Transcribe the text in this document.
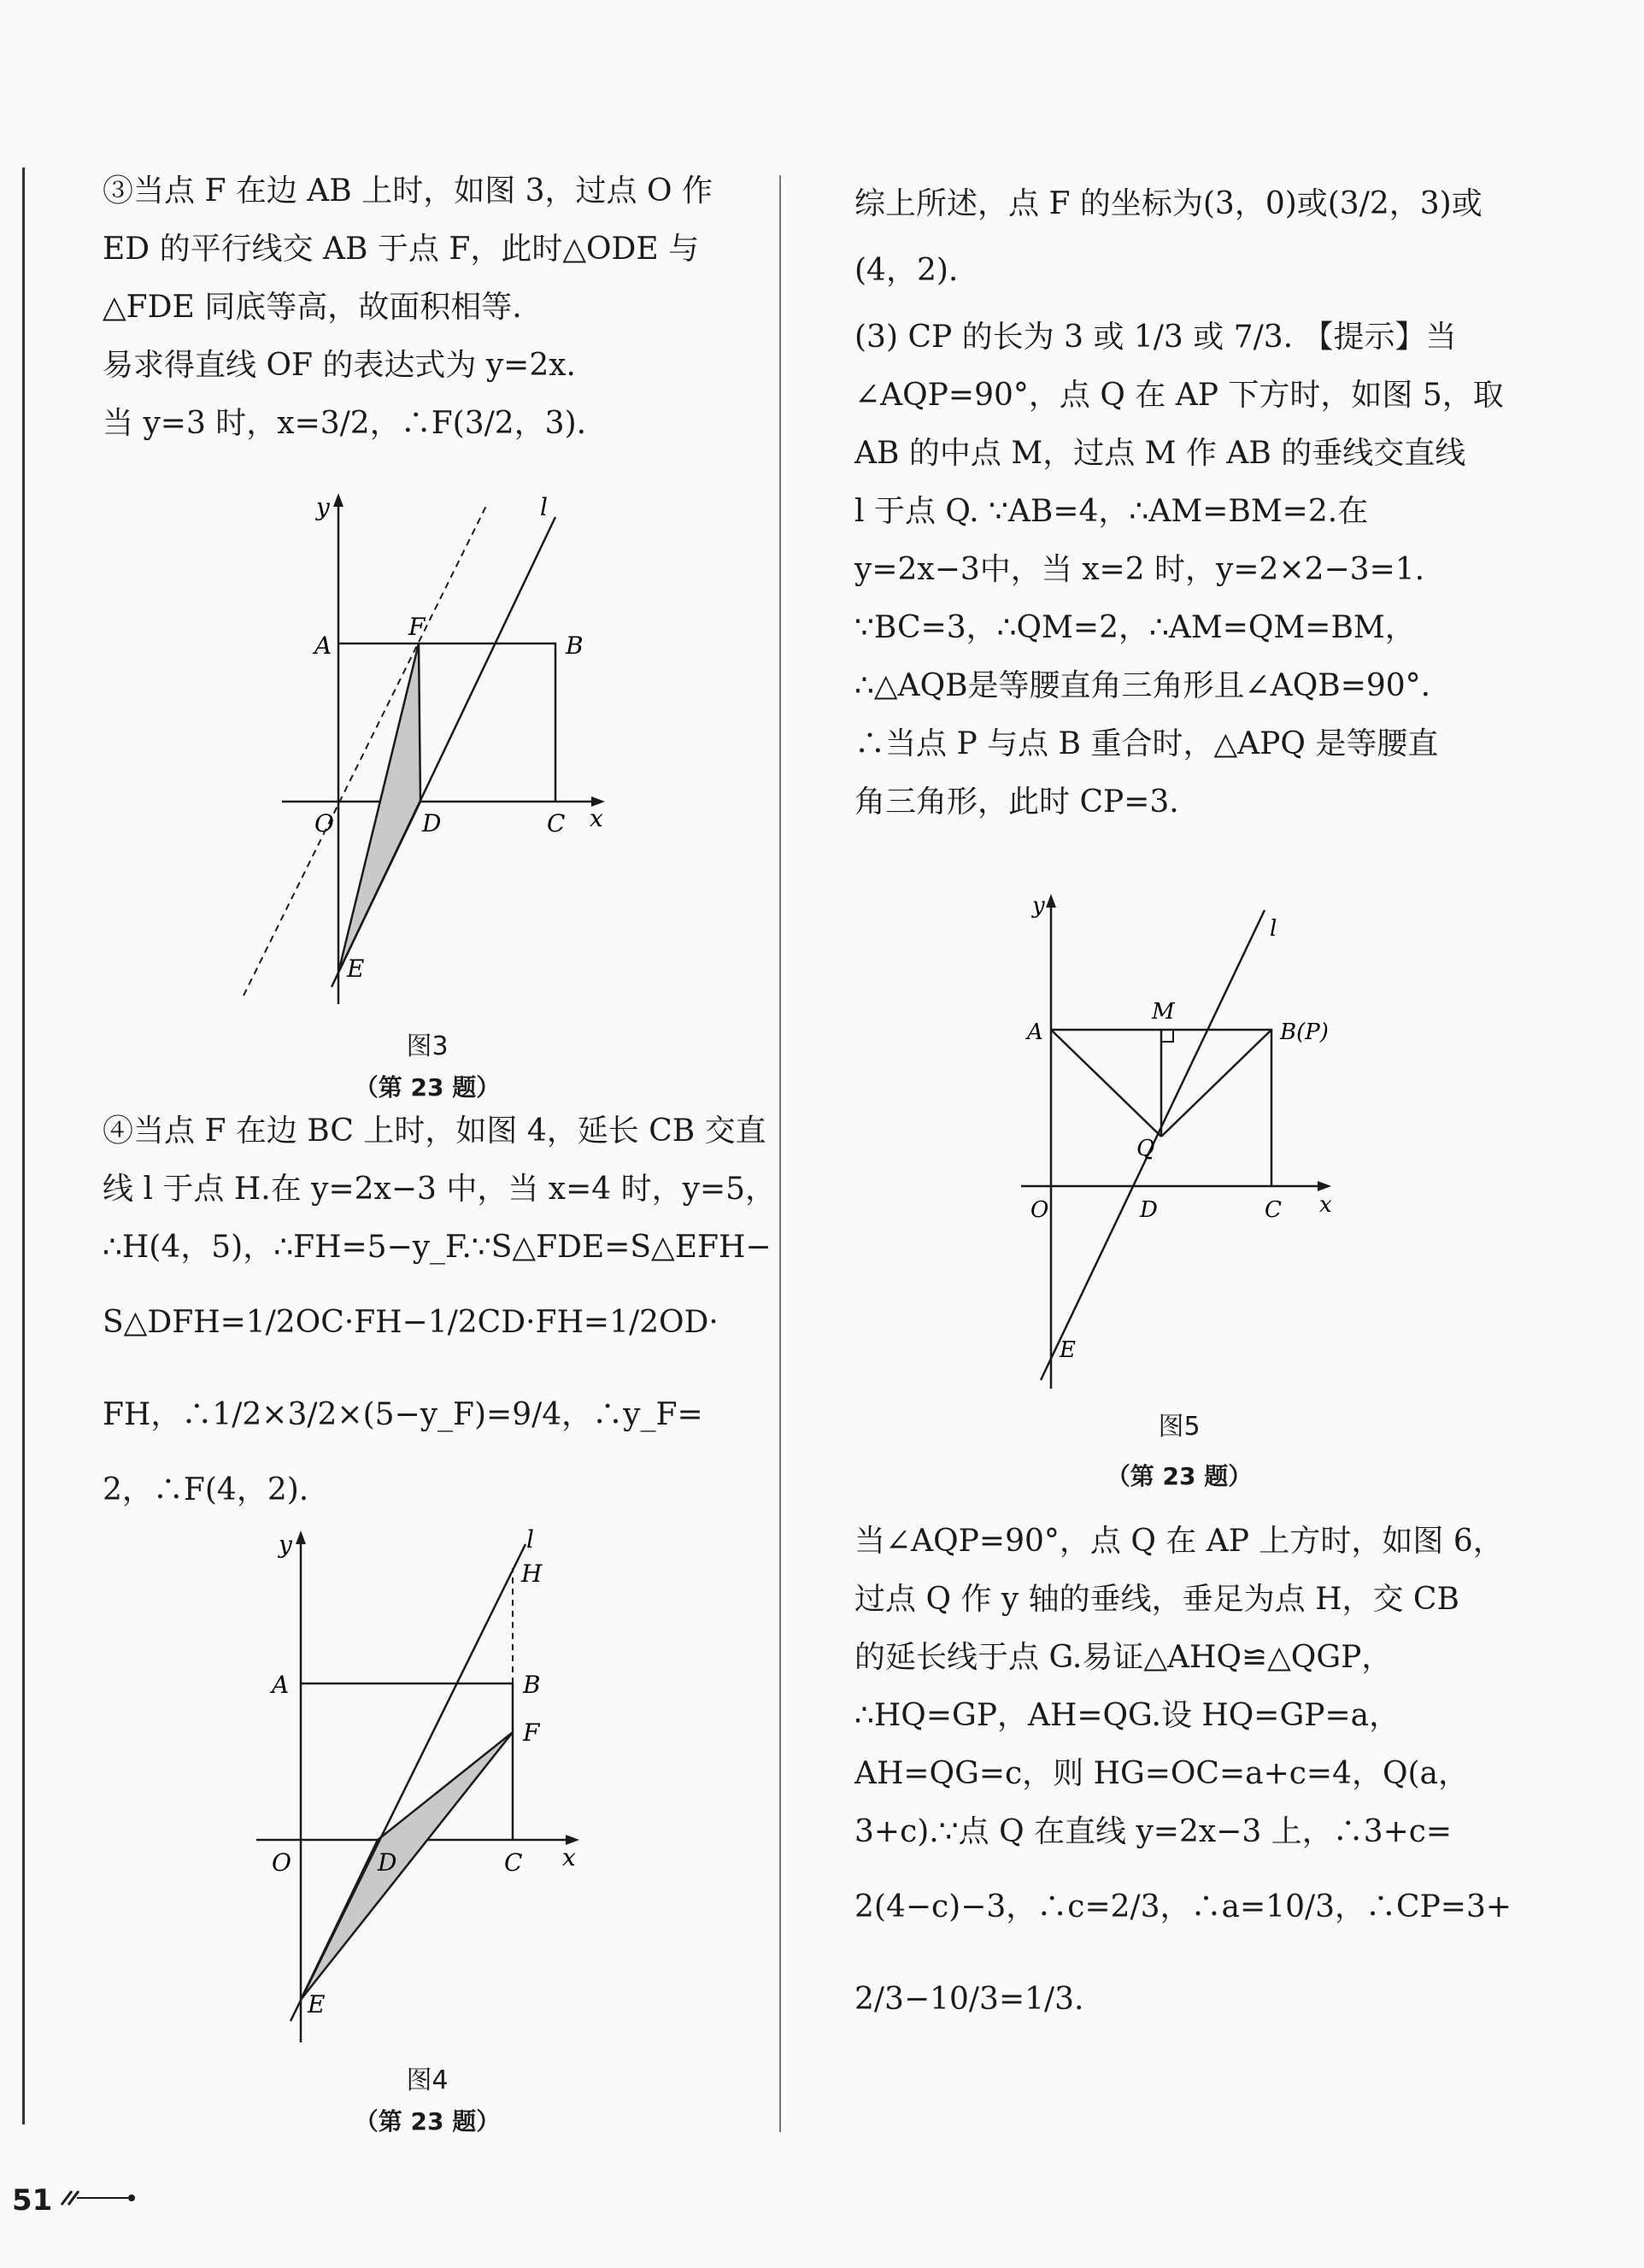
③当点 F 在边 AB 上时，如图 3，过点 O 作
ED 的平行线交 AB 于点 F，此时△ODE 与
△FDE 同底等高，故面积相等.
易求得直线 OF 的表达式为 y=2x.
当 y=3 时，x=3/2，∴F(3/2，3).

y	l
F
A	B
O	D	C x
E
图3
（第 23 题）

④当点 F 在边 BC 上时，如图 4，延长 CB 交直
线 l 于点 H.在 y=2x−3 中，当 x=4 时，y=5，
∴H(4，5)，∴FH=5−y_F.∵S△FDE=S△EFH−
S△DFH=1/2OC·FH−1/2CD·FH=1/2OD·
FH，∴1/2×3/2×(5−y_F)=9/4，∴y_F=
2，∴F(4，2).

y	l
H
A	B
F
O	D	C x
E
图4
（第 23 题）

综上所述，点 F 的坐标为(3，0)或(3/2，3)或
(4，2).
(3) CP 的长为 3 或 1/3 或 7/3. 【提示】当
∠AQP=90°，点 Q 在 AP 下方时，如图 5，取
AB 的中点 M，过点 M 作 AB 的垂线交直线
l 于点 Q. ∵AB=4，∴AM=BM=2.在
y=2x−3中，当 x=2 时，y=2×2−3=1.
∵BC=3，∴QM=2，∴AM=QM=BM，
∴△AQB是等腰直角三角形且∠AQB=90°.
∴当点 P 与点 B 重合时，△APQ 是等腰直
角三角形，此时 CP=3.

y
l
M
A	B(P)
Q
O	D	C x
E
图5
（第 23 题）

当∠AQP=90°，点 Q 在 AP 上方时，如图 6，
过点 Q 作 y 轴的垂线，垂足为点 H，交 CB
的延长线于点 G.易证△AHQ≌△QGP，
∴HQ=GP，AH=QG.设 HQ=GP=a，
AH=QG=c，则 HG=OC=a+c=4，Q(a，
3+c).∵点 Q 在直线 y=2x−3 上，∴3+c=
2(4−c)−3，∴c=2/3，∴a=10/3，∴CP=3+
2/3−10/3=1/3.

51
